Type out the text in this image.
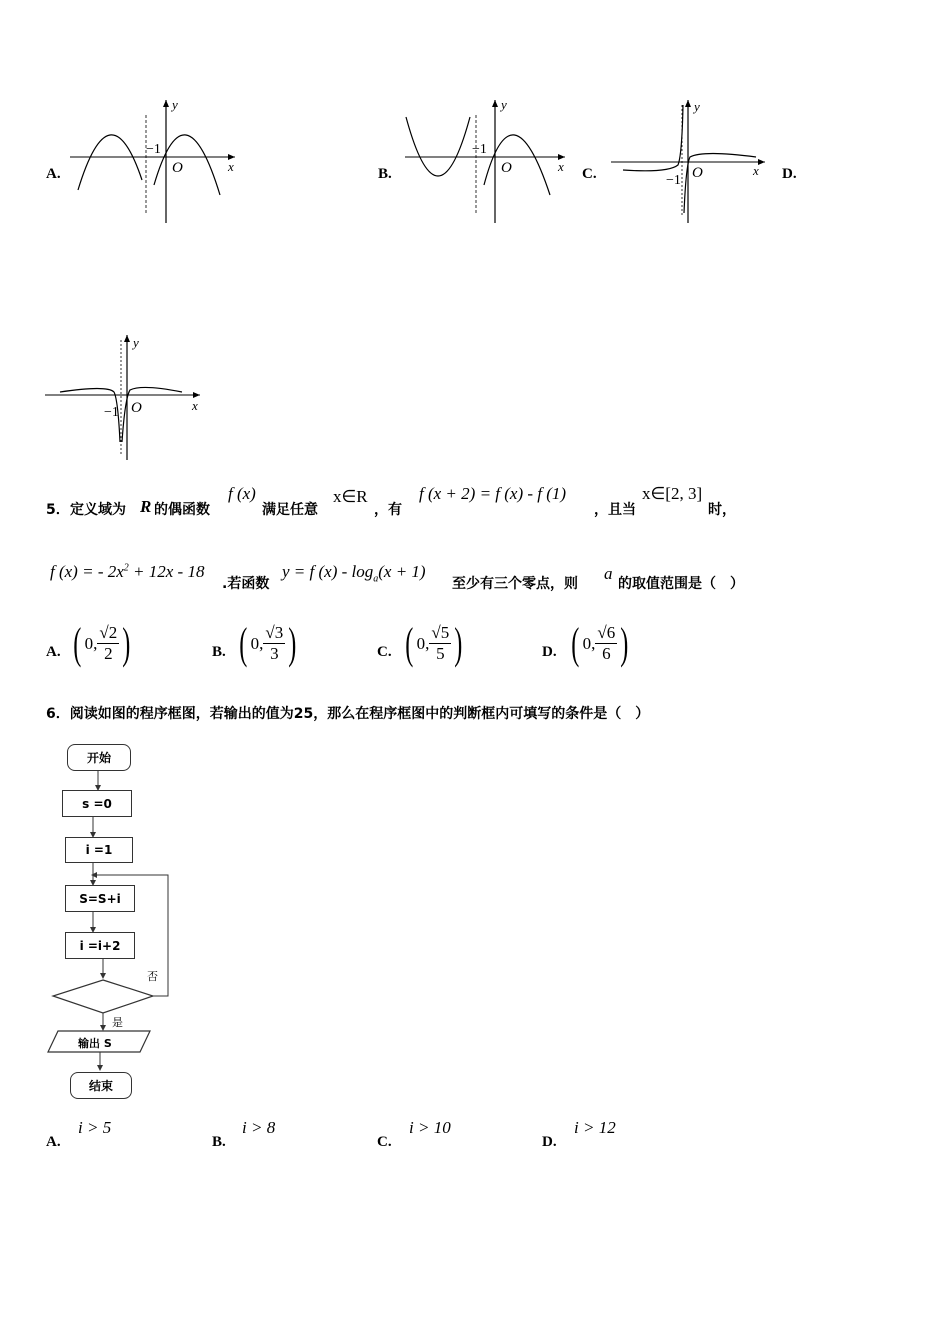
A.
y
x
O
−1
B.
y
x
O
−1
C.
y
x
O
−1	D.
y
x
O
−1
5． 定义域为 R 的偶函数
f (x)
满足任意
x∈R
，有
f (x + 2) = f (x) - f (1)
，且当
x∈[2, 3]
时，
f (x) = - $2x^2 + 12x - 18$
.若函数
y = f $(x) - \log_a(x + 1)$
至少有三个零点，则
a
的取值范围是（　）
A. ( 0, $\frac{√2}{2}$ )	B. ( 0, $\frac{√3}{3}$ )	C. ( 0, $\frac{√5}{5}$ )	D. ( 0, $\frac{√6}{6}$ )
6．阅读如图的程序框图，若输出的值为25，那么在程序框图中的判断框内可填写的条件是（　）
开始
s =0
i =1
S=S+i
i =i+2
否
是
输出 S
结束
A.
i > 5
B.
i > 8
C.
i > 10
D.
i > 12
